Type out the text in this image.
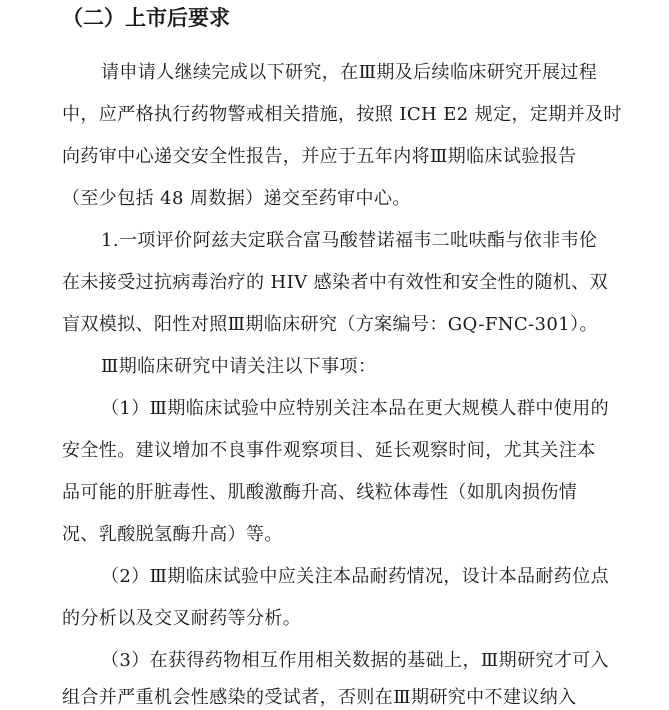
（二）上市后要求
请申请人继续完成以下研究，在Ⅲ期及后续临床研究开展过程
中，应严格执行药物警戒相关措施，按照 ICH E2 规定，定期并及时
向药审中心递交安全性报告，并应于五年内将Ⅲ期临床试验报告
（至少包括 48 周数据）递交至药审中心。
1.一项评价阿兹夫定联合富马酸替诺福韦二吡呋酯与依非韦伦
在未接受过抗病毒治疗的 HIV 感染者中有效性和安全性的随机、双
盲双模拟、阳性对照Ⅲ期临床研究（方案编号：GQ-FNC-301）。
Ⅲ期临床研究中请关注以下事项：
（1）Ⅲ期临床试验中应特别关注本品在更大规模人群中使用的
安全性。建议增加不良事件观察项目、延长观察时间，尤其关注本
品可能的肝脏毒性、肌酸激酶升高、线粒体毒性（如肌肉损伤情
况、乳酸脱氢酶升高）等。
（2）Ⅲ期临床试验中应关注本品耐药情况，设计本品耐药位点
的分析以及交叉耐药等分析。
（3）在获得药物相互作用相关数据的基础上，Ⅲ期研究才可入
组合并严重机会性感染的受试者，否则在Ⅲ期研究中不建议纳入
